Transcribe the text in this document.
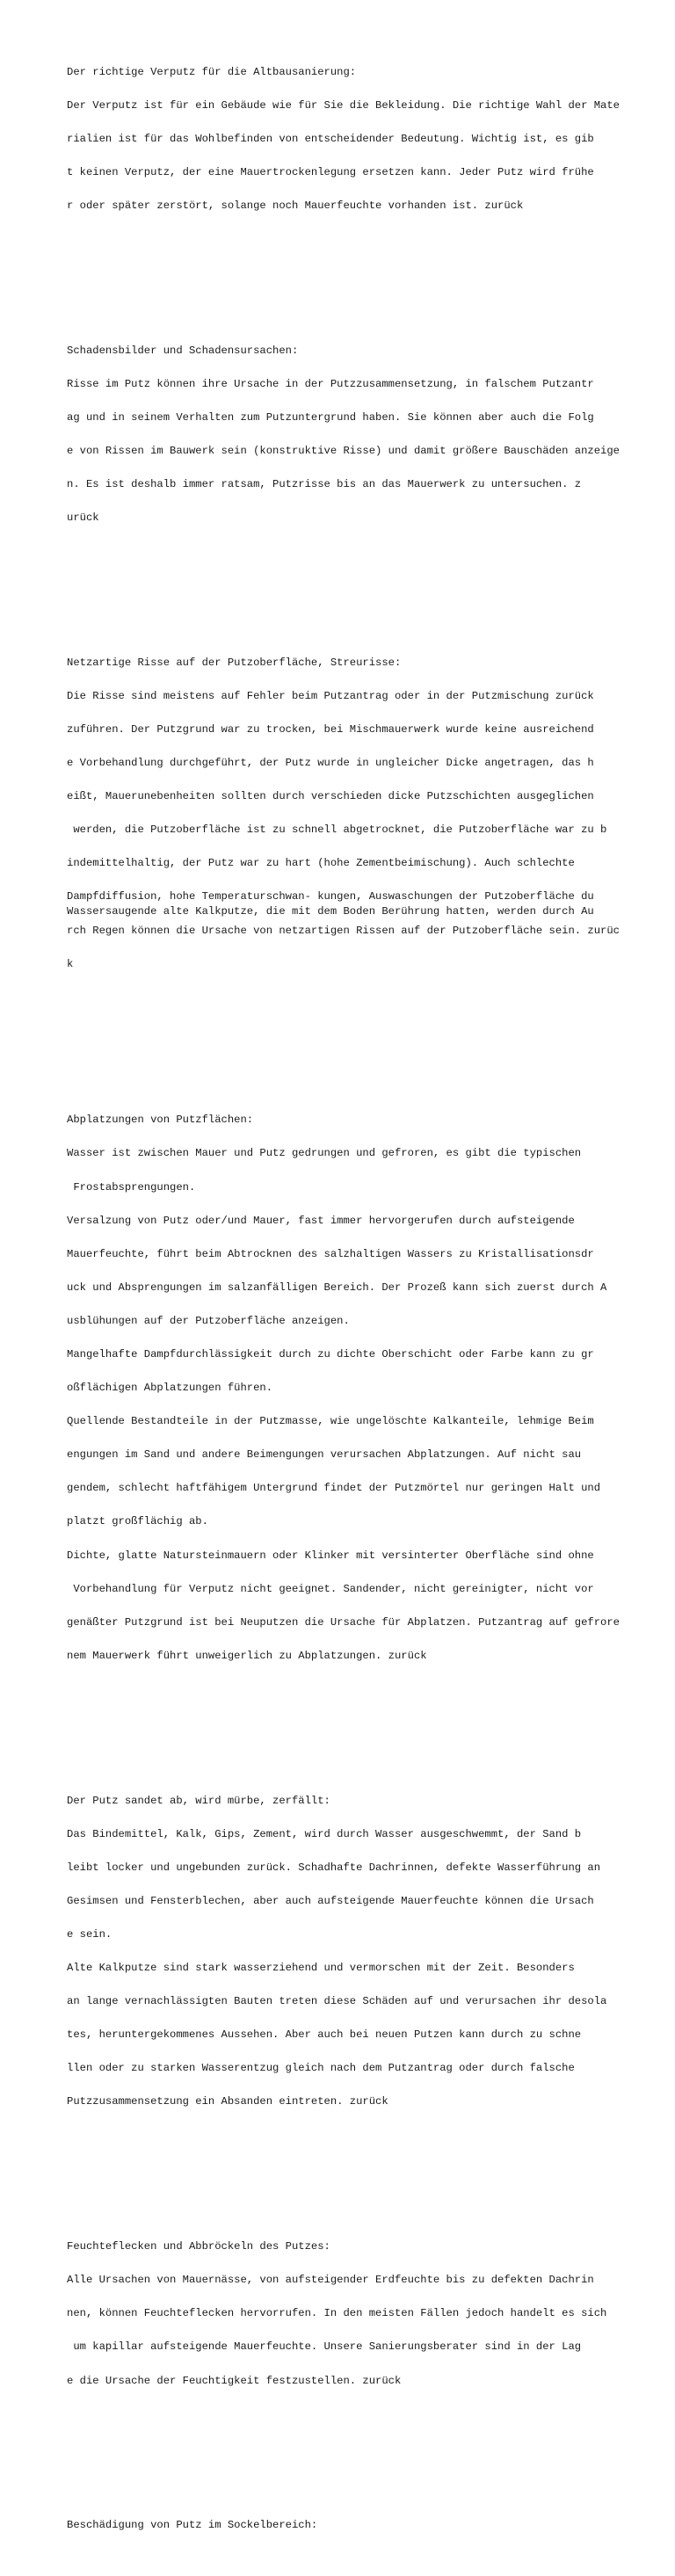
Der richtige Verputz für die Altbausanierung:

Der Verputz ist für ein Gebäude wie für Sie die Bekleidung. Die richtige Wahl der Mate

rialien ist für das Wohlbefinden von entscheidender Bedeutung. Wichtig ist, es gib

t keinen Verputz, der eine Mauertrockenlegung ersetzen kann. Jeder Putz wird frühe

r oder später zerstört, solange noch Mauerfeuchte vorhanden ist. zurück

Schadensbilder und Schadensursachen:

Risse im Putz können ihre Ursache in der Putzzusammensetzung, in falschem Putzantr

ag und in seinem Verhalten zum Putzuntergrund haben. Sie können aber auch die Folg

e von Rissen im Bauwerk sein (konstruktive Risse) und damit größere Bauschäden anzeige

n. Es ist deshalb immer ratsam, Putzrisse bis an das Mauerwerk zu untersuchen. z

urück

Netzartige Risse auf der Putzoberfläche, Streurisse:

Die Risse sind meistens auf Fehler beim Putzantrag oder in der Putzmischung zurück

zuführen. Der Putzgrund war zu trocken, bei Mischmauerwerk wurde keine ausreichend

e Vorbehandlung durchgeführt, der Putz wurde in ungleicher Dicke angetragen, das h

eißt, Mauerunebenheiten sollten durch verschieden dicke Putzschichten ausgeglichen

werden, die Putzoberfläche ist zu schnell abgetrocknet, die Putzoberfläche war zu b

indemittelhaltig, der Putz war zu hart (hohe Zementbeimischung). Auch schlechte

Dampfdiffusion, hohe Temperaturschwan- kungen, Auswaschungen der Putzoberfläche du

rch Regen können die Ursache von netzartigen Rissen auf der Putzoberfläche sein. zurüc

k

Abplatzungen von Putzflächen:

Wasser ist zwischen Mauer und Putz gedrungen und gefroren, es gibt die typischen

Frostabsprengungen.

Versalzung von Putz oder/und Mauer, fast immer hervorgerufen durch aufsteigende

Mauerfeuchte, führt beim Abtrocknen des salzhaltigen Wassers zu Kristallisationsdr

uck und Absprengungen im salzanfälligen Bereich. Der Prozeß kann sich zuerst durch A

usblühungen auf der Putzoberfläche anzeigen.

Mangelhafte Dampfdurchlässigkeit durch zu dichte Oberschicht oder Farbe kann zu gr

oßflächigen Abplatzungen führen.

Quellende Bestandteile in der Putzmasse, wie ungelöschte Kalkanteile, lehmige Beim

engungen im Sand und andere Beimengungen verursachen Abplatzungen. Auf nicht sau

gendem, schlecht haftfähigem Untergrund findet der Putzmörtel nur geringen Halt und

platzt großflächig ab.

Dichte, glatte Natursteinmauern oder Klinker mit versinterter Oberfläche sind ohne

Vorbehandlung für Verputz nicht geeignet. Sandender, nicht gereinigter, nicht vor

genäßter Putzgrund ist bei Neuputzen die Ursache für Abplatzen. Putzantrag auf gefrore

nem Mauerwerk führt unweigerlich zu Abplatzungen. zurück

Der Putz sandet ab, wird mürbe, zerfällt:

Das Bindemittel, Kalk, Gips, Zement, wird durch Wasser ausgeschwemmt, der Sand b

leibt locker und ungebunden zurück. Schadhafte Dachrinnen, defekte Wasserführung an

Gesimsen und Fensterblechen, aber auch aufsteigende Mauerfeuchte können die Ursach

e sein.

Alte Kalkputze sind stark wasserziehend und vermorschen mit der Zeit. Besonders

an lange vernachlässigten Bauten treten diese Schäden auf und verursachen ihr desola

tes, heruntergekommenes Aussehen. Aber auch bei neuen Putzen kann durch zu schne

llen oder zu starken Wasserentzug gleich nach dem Putzantrag oder durch falsche

Putzzusammensetzung ein Absanden eintreten. zurück

Feuchteflecken und Abbröckeln des Putzes:

Alle Ursachen von Mauernässe, von aufsteigender Erdfeuchte bis zu defekten Dachrin

nen, können Feuchteflecken hervorrufen. In den meisten Fällen jedoch handelt es sich

um kapillar aufsteigende Mauerfeuchte. Unsere Sanierungsberater sind in der Lag

e die Ursache der Feuchtigkeit festzustellen. zurück

Beschädigung von Putz im Sockelbereich:

Wassersaugende alte Kalkputze, die mit dem Boden Berührung hatten, werden durch Au
